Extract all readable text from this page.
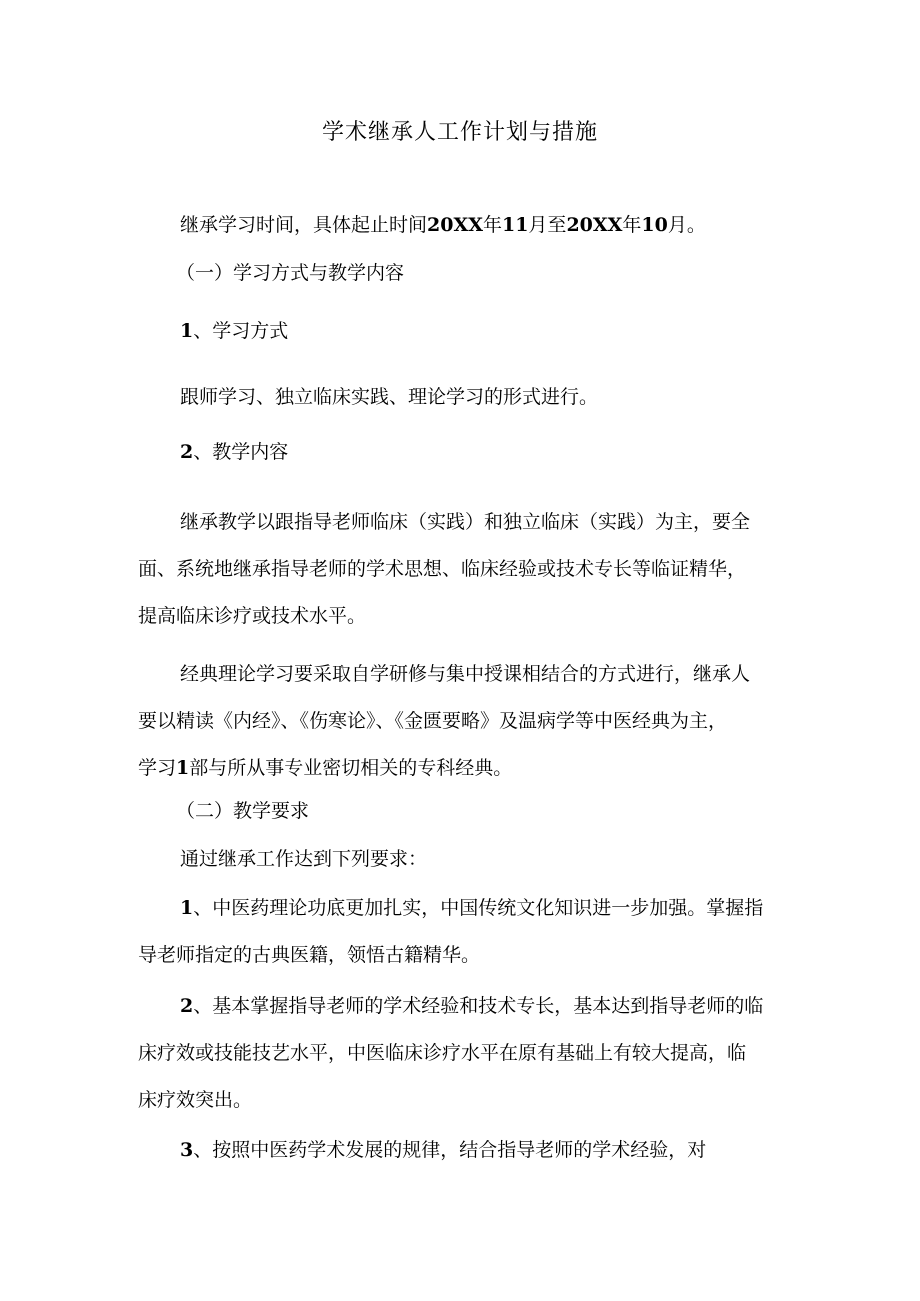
学术继承人工作计划与措施
继承学习时间，具体起止时间20XX年11月至20XX年10月。
（一）学习方式与教学内容
1、学习方式
跟师学习、独立临床实践、理论学习的形式进行。
2、教学内容
继承教学以跟指导老师临床（实践）和独立临床（实践）为主，要全
面、系统地继承指导老师的学术思想、临床经验或技术专长等临证精华，
提高临床诊疗或技术水平。
经典理论学习要采取自学研修与集中授课相结合的方式进行，继承人
要以精读《内经》、《伤寒论》、《金匮要略》及温病学等中医经典为主，
学习1部与所从事专业密切相关的专科经典。
（二）教学要求
通过继承工作达到下列要求：
1、中医药理论功底更加扎实，中国传统文化知识进一步加强。掌握指
导老师指定的古典医籍，领悟古籍精华。
2、基本掌握指导老师的学术经验和技术专长，基本达到指导老师的临
床疗效或技能技艺水平，中医临床诊疗水平在原有基础上有较大提高，临
床疗效突出。
3、按照中医药学术发展的规律，结合指导老师的学术经验，对
